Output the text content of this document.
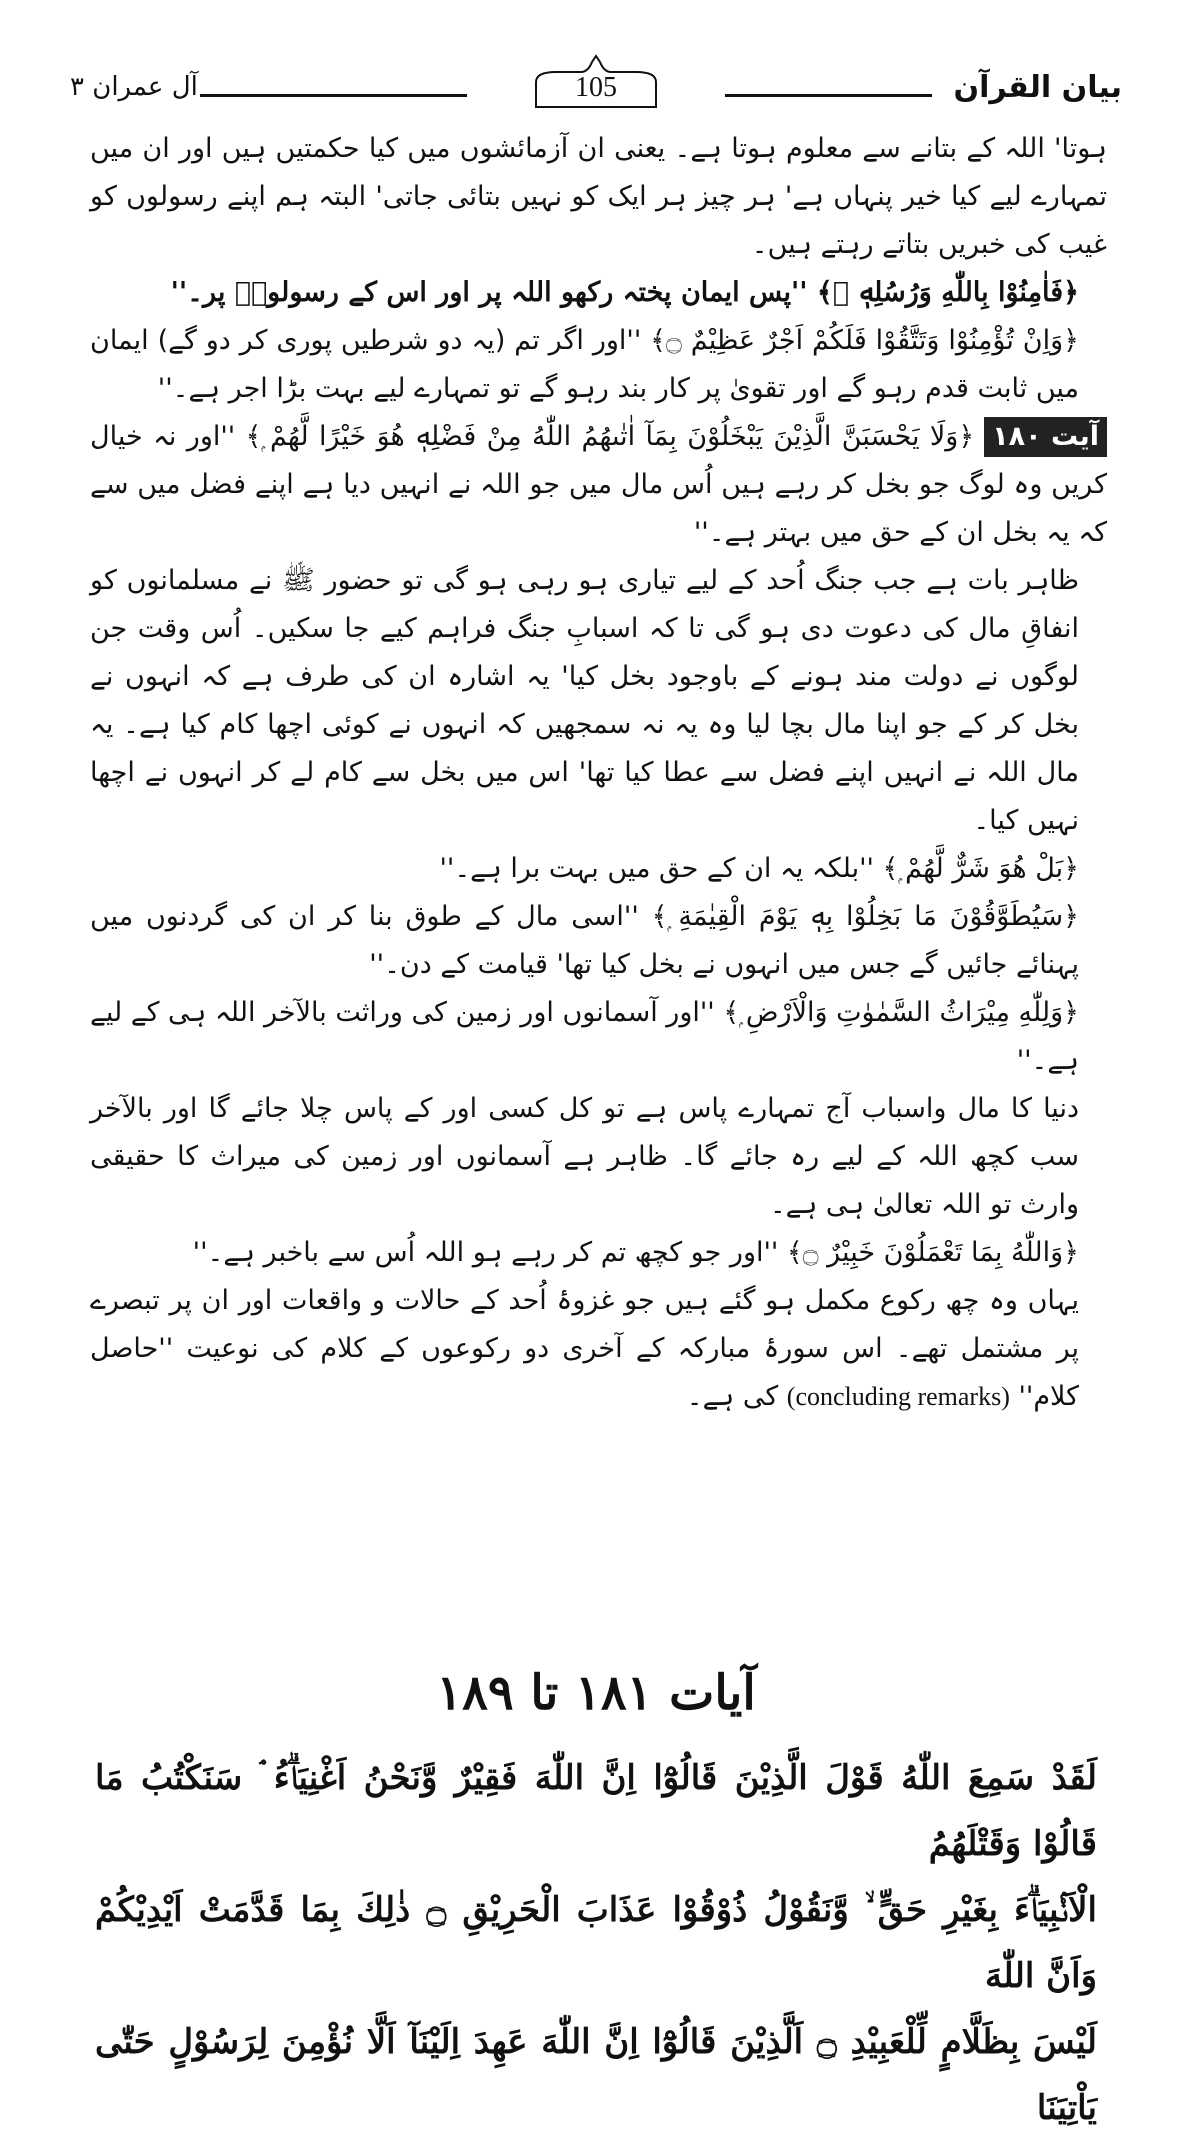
بیان القرآن
105
آل عمران ۳

ہوتا' اللہ کے بتانے سے معلوم ہوتا ہے۔ یعنی ان آزمائشوں میں کیا حکمتیں ہیں اور ان میں تمہارے لیے کیا خیر پنہاں ہے' ہر چیز ہر ایک کو نہیں بتائی جاتی' البتہ ہم اپنے رسولوں کو غیب کی خبریں بتاتے رہتے ہیں۔

﴿فَاٰمِنُوْا بِاللّٰهِ وَرُسُلِهٖ ۚ﴾ ''پس ایمان پختہ رکھو اللہ پر اور اس کے رسولوںؑ پر۔''

﴿وَاِنْ تُؤْمِنُوْا وَتَتَّقُوْا فَلَكُمْ اَجْرٌ عَظِيْمٌ ۝﴾ ''اور اگر تم (یہ دو شرطیں پوری کر دو گے) ایمان میں ثابت قدم رہو گے اور تقویٰ پر کار بند رہو گے تو تمہارے لیے بہت بڑا اجر ہے۔''

آیت ۱۸۰﴿وَلَا يَحْسَبَنَّ الَّذِيْنَ يَبْخَلُوْنَ بِمَآ اٰتٰىهُمُ اللّٰهُ مِنْ فَضْلِهٖ هُوَ خَيْرًا لَّهُمْ ۭ﴾ ''اور نہ خیال کریں وہ لوگ جو بخل کر رہے ہیں اُس مال میں جو اللہ نے انہیں دیا ہے اپنے فضل میں سے کہ یہ بخل ان کے حق میں بہتر ہے۔''

ظاہر بات ہے جب جنگ اُحد کے لیے تیاری ہو رہی ہو گی تو حضور ﷺ نے مسلمانوں کو انفاقِ مال کی دعوت دی ہو گی تا کہ اسبابِ جنگ فراہم کیے جا سکیں۔ اُس وقت جن لوگوں نے دولت مند ہونے کے باوجود بخل کیا' یہ اشارہ ان کی طرف ہے کہ انہوں نے بخل کر کے جو اپنا مال بچا لیا وہ یہ نہ سمجھیں کہ انہوں نے کوئی اچھا کام کیا ہے۔ یہ مال اللہ نے انہیں اپنے فضل سے عطا کیا تھا' اس میں بخل سے کام لے کر انہوں نے اچھا نہیں کیا۔

﴿بَلْ هُوَ شَرٌّ لَّهُمْ ۭ﴾ ''بلکہ یہ ان کے حق میں بہت برا ہے۔''

﴿سَيُطَوَّقُوْنَ مَا بَخِلُوْا بِهٖ يَوْمَ الْقِيٰمَةِ ۭ﴾ ''اسی مال کے طوق بنا کر ان کی گردنوں میں پہنائے جائیں گے جس میں انہوں نے بخل کیا تھا' قیامت کے دن۔''

﴿وَلِلّٰهِ مِيْرَاثُ السَّمٰوٰتِ وَالْاَرْضِ ۭ﴾ ''اور آسمانوں اور زمین کی وراثت بالآخر اللہ ہی کے لیے ہے۔''

دنیا کا مال واسباب آج تمہارے پاس ہے تو کل کسی اور کے پاس چلا جائے گا اور بالآخر سب کچھ اللہ کے لیے رہ جائے گا۔ ظاہر ہے آسمانوں اور زمین کی میراث کا حقیقی وارث تو اللہ تعالیٰ ہی ہے۔

﴿وَاللّٰهُ بِمَا تَعْمَلُوْنَ خَبِيْرٌ ۝﴾ ''اور جو کچھ تم کر رہے ہو اللہ اُس سے باخبر ہے۔''

یہاں وہ چھ رکوع مکمل ہو گئے ہیں جو غزوۂ اُحد کے حالات و واقعات اور ان پر تبصرے پر مشتمل تھے۔ اس سورۂ مبارکہ کے آخری دو رکوعوں کے کلام کی نوعیت ''حاصل کلام'' (concluding remarks) کی ہے۔

آیات ۱۸۱ تا ۱۸۹

لَقَدْ سَمِعَ اللّٰهُ قَوْلَ الَّذِيْنَ قَالُوْٓا اِنَّ اللّٰهَ فَقِيْرٌ وَّنَحْنُ اَغْنِيَاۗءُ ۘ سَنَكْتُبُ مَا قَالُوْا وَقَتْلَهُمُ

الْاَنْۢبِيَاۗءَ بِغَيْرِ حَقٍّ ۙ وَّنَقُوْلُ ذُوْقُوْا عَذَابَ الْحَرِيْقِ ۝ ذٰلِكَ بِمَا قَدَّمَتْ اَيْدِيْكُمْ وَاَنَّ اللّٰهَ

لَيْسَ بِظَلَّامٍ لِّلْعَبِيْدِ ۝ اَلَّذِيْنَ قَالُوْٓا اِنَّ اللّٰهَ عَهِدَ اِلَيْنَآ اَلَّا نُؤْمِنَ لِرَسُوْلٍ حَتّٰى يَاْتِيَنَا
